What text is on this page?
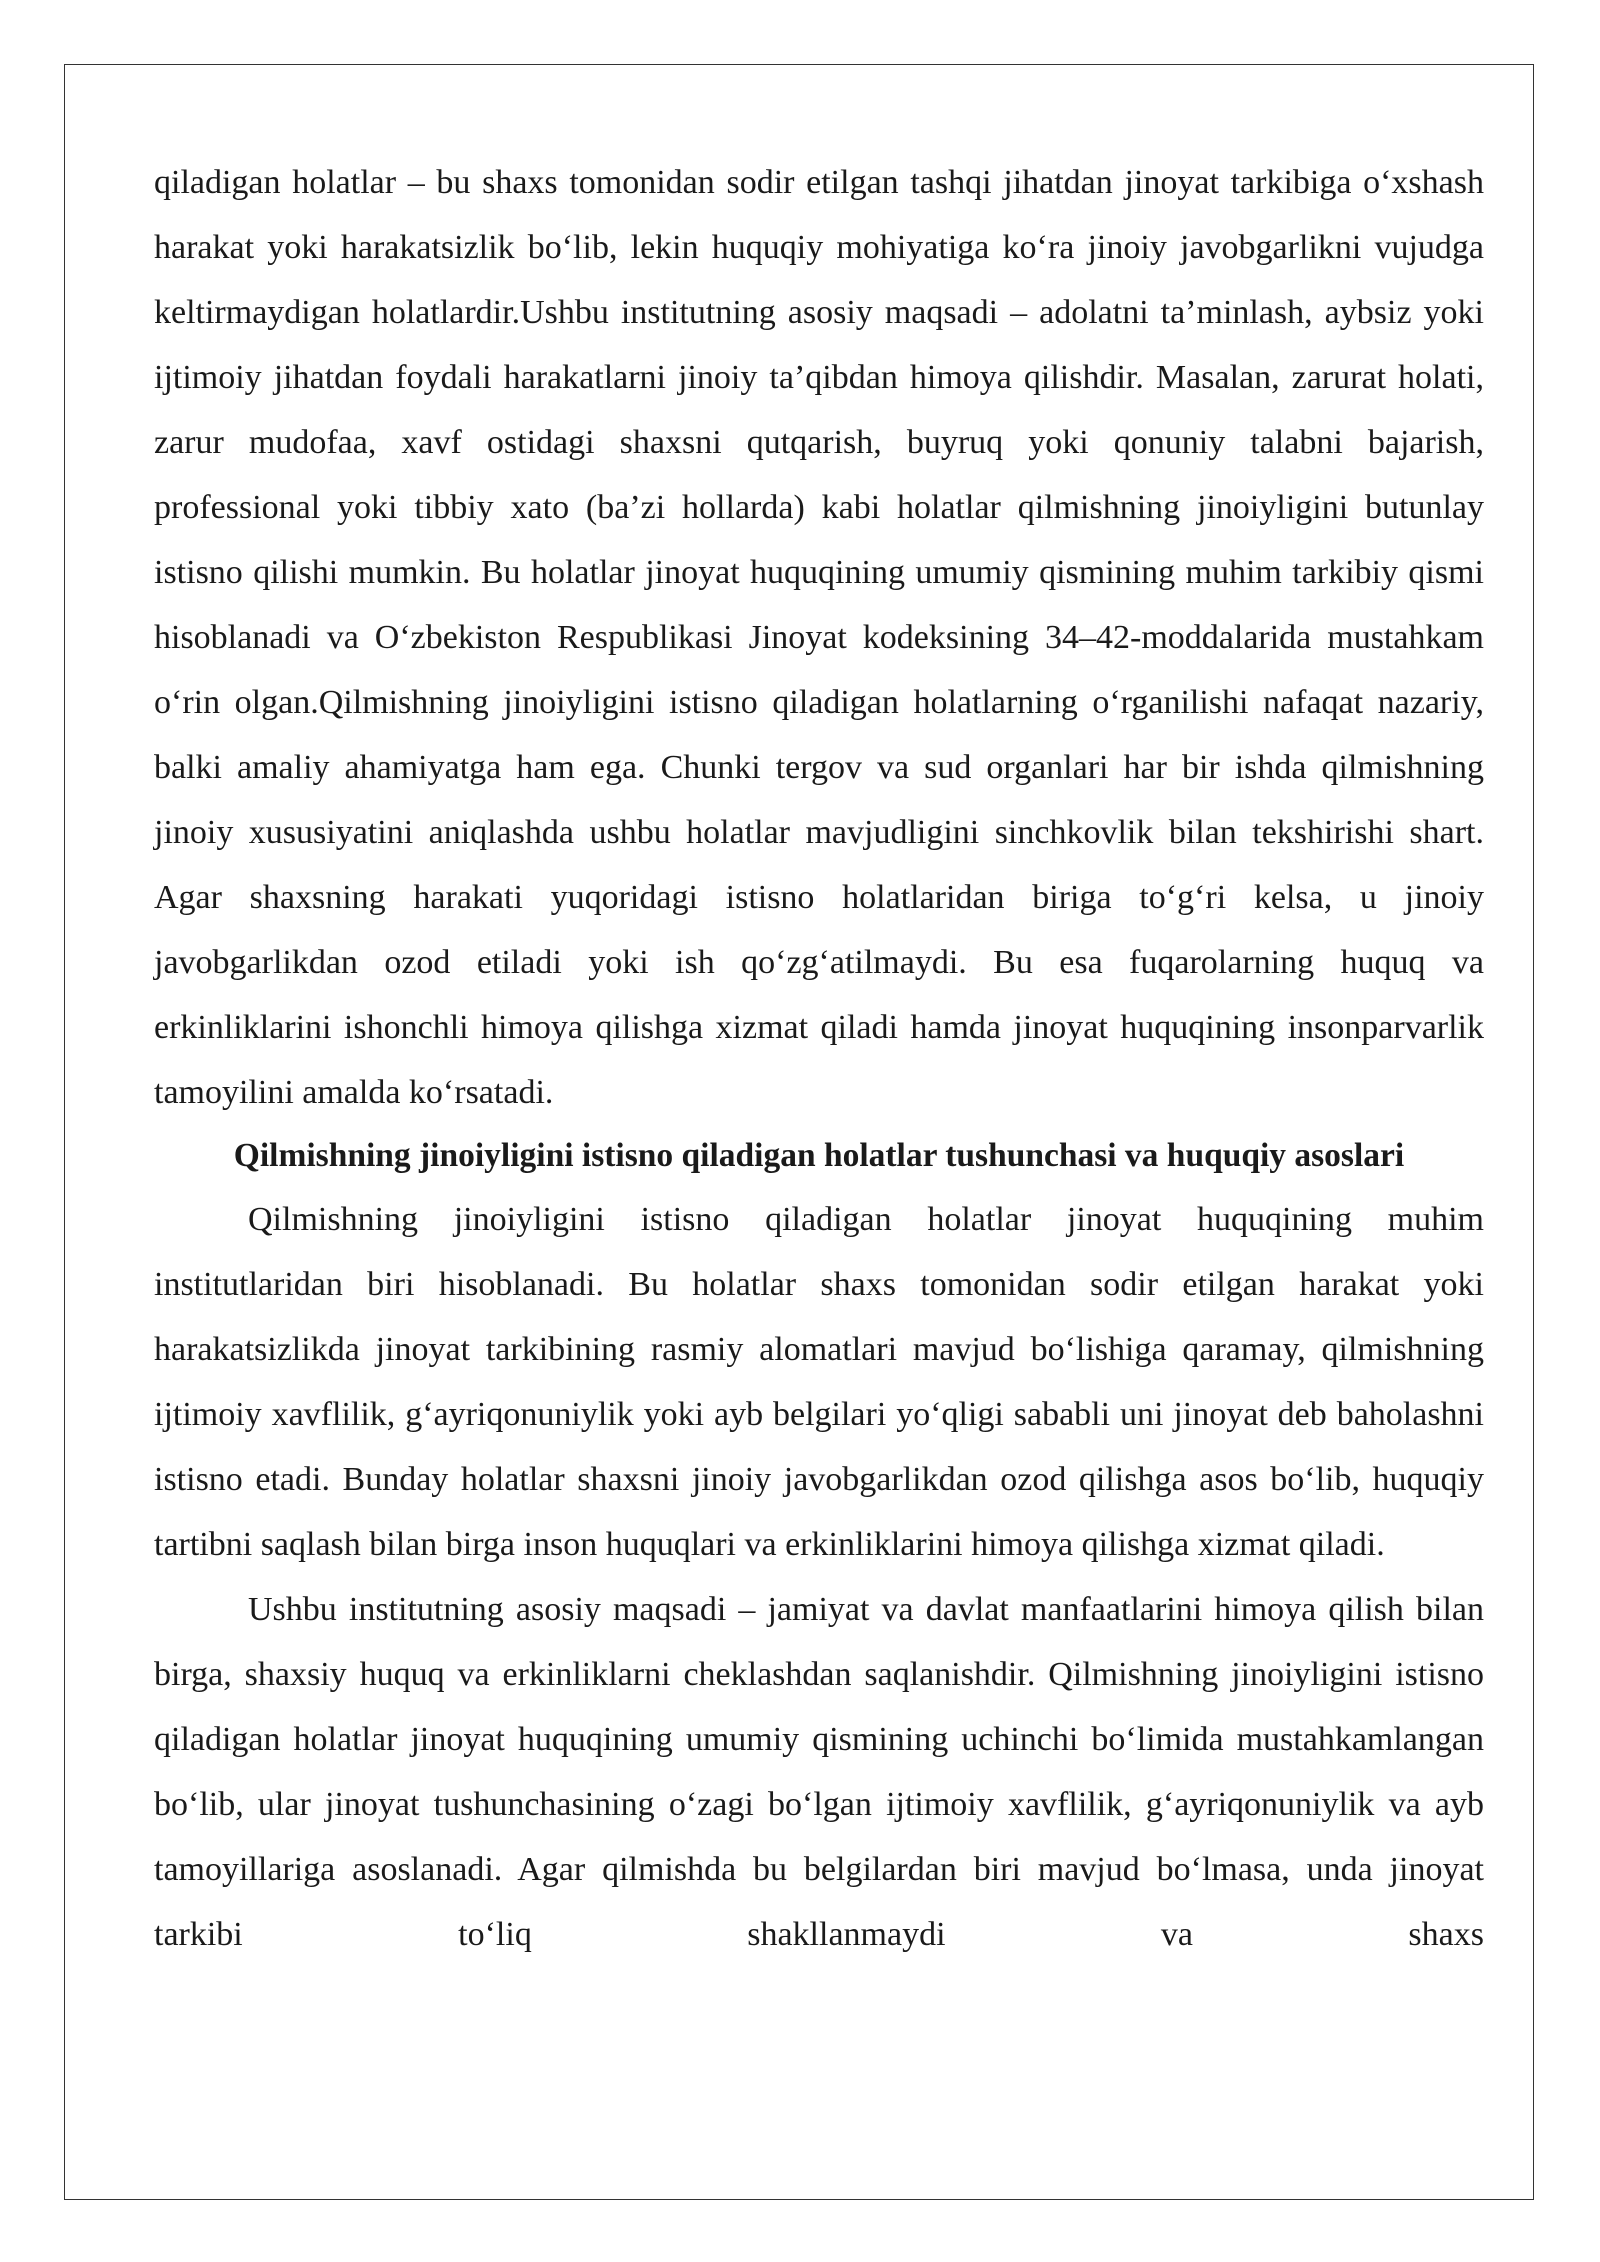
qiladigan holatlar – bu shaxs tomonidan sodir etilgan tashqi jihatdan jinoyat tarkibiga o‘xshash harakat yoki harakatsizlik bo‘lib, lekin huquqiy mohiyatiga ko‘ra jinoiy javobgarlikni vujudga keltirmaydigan holatlardir.Ushbu institutning asosiy maqsadi – adolatni ta’minlash, aybsiz yoki ijtimoiy jihatdan foydali harakatlarni jinoiy ta’qibdan himoya qilishdir. Masalan, zarurat holati, zarur mudofaa, xavf ostidagi shaxsni qutqarish, buyruq yoki qonuniy talabni bajarish, professional yoki tibbiy xato (ba’zi hollarda) kabi holatlar qilmishning jinoiyligini butunlay istisno qilishi mumkin. Bu holatlar jinoyat huquqining umumiy qismining muhim tarkibiy qismi hisoblanadi va O‘zbekiston Respublikasi Jinoyat kodeksining 34–42-moddalarida mustahkam o‘rin olgan.Qilmishning jinoiyligini istisno qiladigan holatlarning o‘rganilishi nafaqat nazariy, balki amaliy ahamiyatga ham ega. Chunki tergov va sud organlari har bir ishda qilmishning jinoiy xususiyatini aniqlashda ushbu holatlar mavjudligini sinchkovlik bilan tekshirishi shart. Agar shaxsning harakati yuqoridagi istisno holatlaridan biriga to‘g‘ri kelsa, u jinoiy javobgarlikdan ozod etiladi yoki ish qo‘zg‘atilmaydi. Bu esa fuqarolarning huquq va erkinliklarini ishonchli himoya qilishga xizmat qiladi hamda jinoyat huquqining insonparvarlik tamoyilini amalda ko‘rsatadi.

Qilmishning jinoiyligini istisno qiladigan holatlar tushunchasi va huquqiy asoslari

Qilmishning jinoiyligini istisno qiladigan holatlar jinoyat huquqining muhim institutlaridan biri hisoblanadi. Bu holatlar shaxs tomonidan sodir etilgan harakat yoki harakatsizlikda jinoyat tarkibining rasmiy alomatlari mavjud bo‘lishiga qaramay, qilmishning ijtimoiy xavflilik, g‘ayriqonuniylik yoki ayb belgilari yo‘qligi sababli uni jinoyat deb baholashni istisno etadi. Bunday holatlar shaxsni jinoiy javobgarlikdan ozod qilishga asos bo‘lib, huquqiy tartibni saqlash bilan birga inson huquqlari va erkinliklarini himoya qilishga xizmat qiladi.

Ushbu institutning asosiy maqsadi – jamiyat va davlat manfaatlarini himoya qilish bilan birga, shaxsiy huquq va erkinliklarni cheklashdan saqlanishdir. Qilmishning jinoiyligini istisno qiladigan holatlar jinoyat huquqining umumiy qismining uchinchi bo‘limida mustahkamlangan bo‘lib, ular jinoyat tushunchasining o‘zagi bo‘lgan ijtimoiy xavflilik, g‘ayriqonuniylik va ayb tamoyillariga asoslanadi. Agar qilmishda bu belgilardan biri mavjud bo‘lmasa, unda jinoyat tarkibi to‘liq shakllanmaydi va shaxs
